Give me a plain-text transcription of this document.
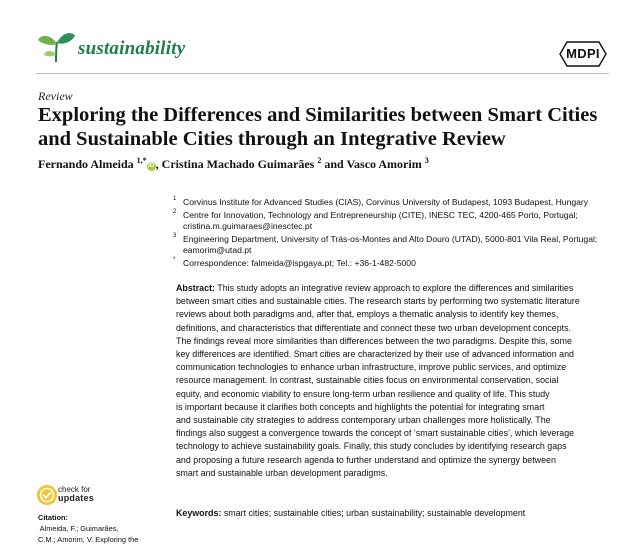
sustainability	MDPI
Review
Exploring the Differences and Similarities between Smart Cities
and Sustainable Cities through an Integrative Review
Fernando Almeida $^{1,*}$iD , Cristina Machado Guimarães $^2$ and Vasco Amorim $^3$
1 Corvinus Institute for Advanced Studies (CIAS), Corvinus University of Budapest, 1093 Budapest, Hungary
2 Centre for Innovation, Technology and Entrepreneurship (CITE), INESC TEC, 4200-465 Porto, Portugal;
cristina.m.guimaraes@inesctec.pt
3 Engineering Department, University of Trás-os-Montes and Alto Douro (UTAD), 5000-801 Vila Real, Portugal;
eamorim@utad.pt
* Correspondence: falmeida@ispgaya.pt; Tel.: +36-1-482-5000
Abstract: This study adopts an integrative review approach to explore the differences and similarities
between smart cities and sustainable cities. The research starts by performing two systematic literature
reviews about both paradigms and, after that, employs a thematic analysis to identify key themes,
definitions, and characteristics that differentiate and connect these two urban development concepts.
The findings reveal more similarities than differences between the two paradigms. Despite this, some
key differences are identified. Smart cities are characterized by their use of advanced information and
communication technologies to enhance urban infrastructure, improve public services, and optimize
resource management. In contrast, sustainable cities focus on environmental conservation, social
equity, and economic viability to ensure long-term urban resilience and quality of life. This study
is important because it clarifies both concepts and highlights the potential for integrating smart
and sustainable city strategies to address contemporary urban challenges more holistically. The
findings also suggest a convergence towards the concept of ‘smart sustainable cities’, which leverage
technology to achieve sustainability goals. Finally, this study concludes by identifying research gaps
and proposing a future research agenda to further understand and optimize the synergy between
smart and sustainable urban development paradigms.
Keywords: smart cities; sustainable cities; urban sustainability; sustainable development
check for
updates
Citation:
Almeida, F.; Guimarães,
C.M.; Amorim, V. Exploring the
